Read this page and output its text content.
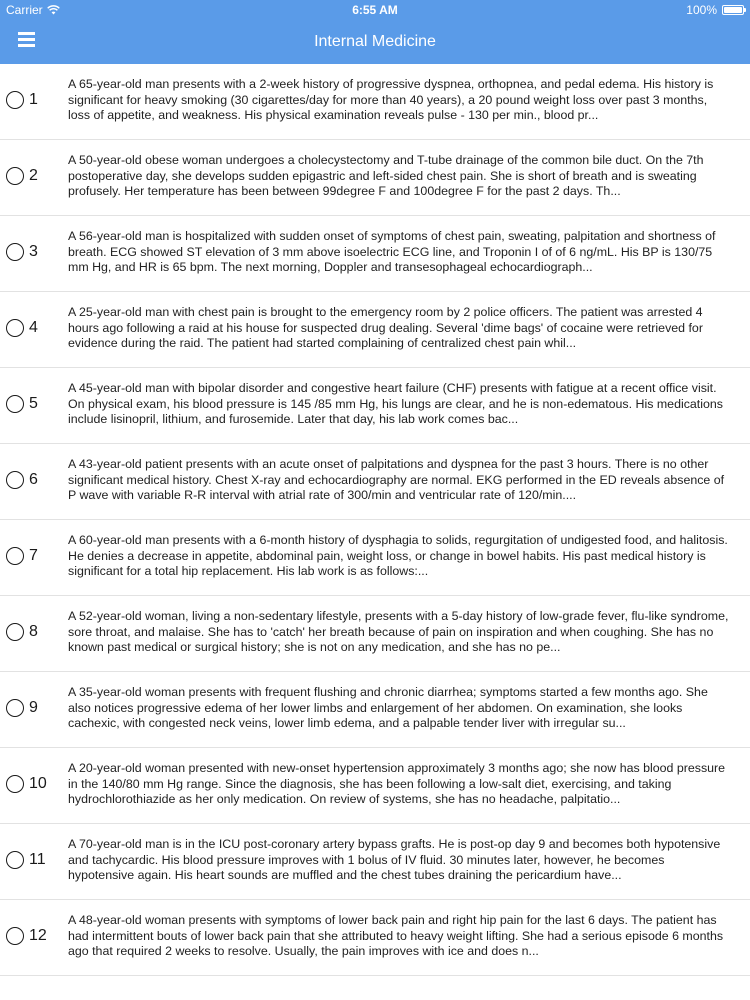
Carrier	6:55 AM	100%
Internal Medicine
1
A 65-year-old man presents with a 2-week history of progressive dyspnea, orthopnea, and pedal edema. His history is significant for heavy smoking (30 cigarettes/day for more than 40 years), a 20 pound weight loss over past 3 months, loss of appetite, and weakness. His physical examination reveals pulse - 130 per min., blood pr...
2
A 50-year-old obese woman undergoes a cholecystectomy and T-tube drainage of the common bile duct. On the 7th postoperative day, she develops sudden epigastric and left-sided chest pain. She is short of breath and is sweating profusely. Her temperature has been between 99degree F and 100degree F for the past 2 days. Th...
3
A 56-year-old man is hospitalized with sudden onset of symptoms of chest pain, sweating, palpitation and shortness of breath. ECG showed ST elevation of 3 mm above isoelectric ECG line, and Troponin I of of 6 ng/mL. His BP is 130/75 mm Hg, and HR is 65 bpm. The next morning, Doppler and transesophageal echocardiograph...
4
A 25-year-old man with chest pain is brought to the emergency room by 2 police officers. The patient was arrested 4 hours ago following a raid at his house for suspected drug dealing. Several 'dime bags' of cocaine were retrieved for evidence during the raid. The patient had started complaining of centralized chest pain whil...
5
A 45-year-old man with bipolar disorder and congestive heart failure (CHF) presents with fatigue at a recent office visit. On physical exam, his blood pressure is 145 /85 mm Hg, his lungs are clear, and he is non-edematous. His medications include lisinopril, lithium, and furosemide. Later that day, his lab work comes bac...
6
A 43-year-old patient presents with an acute onset of palpitations and dyspnea for the past 3 hours. There is no other significant medical history. Chest X-ray and echocardiography are normal. EKG performed in the ED reveals absence of P wave with variable R-R interval with atrial rate of 300/min and ventricular rate of 120/min....
7
A 60-year-old man presents with a 6-month history of dysphagia to solids, regurgitation of undigested food, and halitosis. He denies a decrease in appetite, abdominal pain, weight loss, or change in bowel habits. His past medical history is significant for a total hip replacement. His lab work is as follows:...
8
A 52-year-old woman, living a non-sedentary lifestyle, presents with a 5-day history of low-grade fever, flu-like syndrome, sore throat, and malaise. She has to 'catch' her breath because of pain on inspiration and when coughing. She has no known past medical or surgical history; she is not on any medication, and she has no pe...
9
A 35-year-old woman presents with frequent flushing and chronic diarrhea; symptoms started a few months ago. She also notices progressive edema of her lower limbs and enlargement of her abdomen. On examination, she looks cachexic, with congested neck veins, lower limb edema, and a palpable tender liver with irregular su...
10
A 20-year-old woman presented with new-onset hypertension approximately 3 months ago; she now has blood pressure in the 140/80 mm Hg range. Since the diagnosis, she has been following a low-salt diet, exercising, and taking hydrochlorothiazide as her only medication. On review of systems, she has no headache, palpitatio...
11
A 70-year-old man is in the ICU post-coronary artery bypass grafts. He is post-op day 9 and becomes both hypotensive and tachycardic. His blood pressure improves with 1 bolus of IV fluid. 30 minutes later, however, he becomes hypotensive again. His heart sounds are muffled and the chest tubes draining the pericardium have...
12
A 48-year-old woman presents with symptoms of lower back pain and right hip pain for the last 6 days. The patient has had intermittent bouts of lower back pain that she attributed to heavy weight lifting. She had a serious episode 6 months ago that required 2 weeks to resolve. Usually, the pain improves with ice and does n...
